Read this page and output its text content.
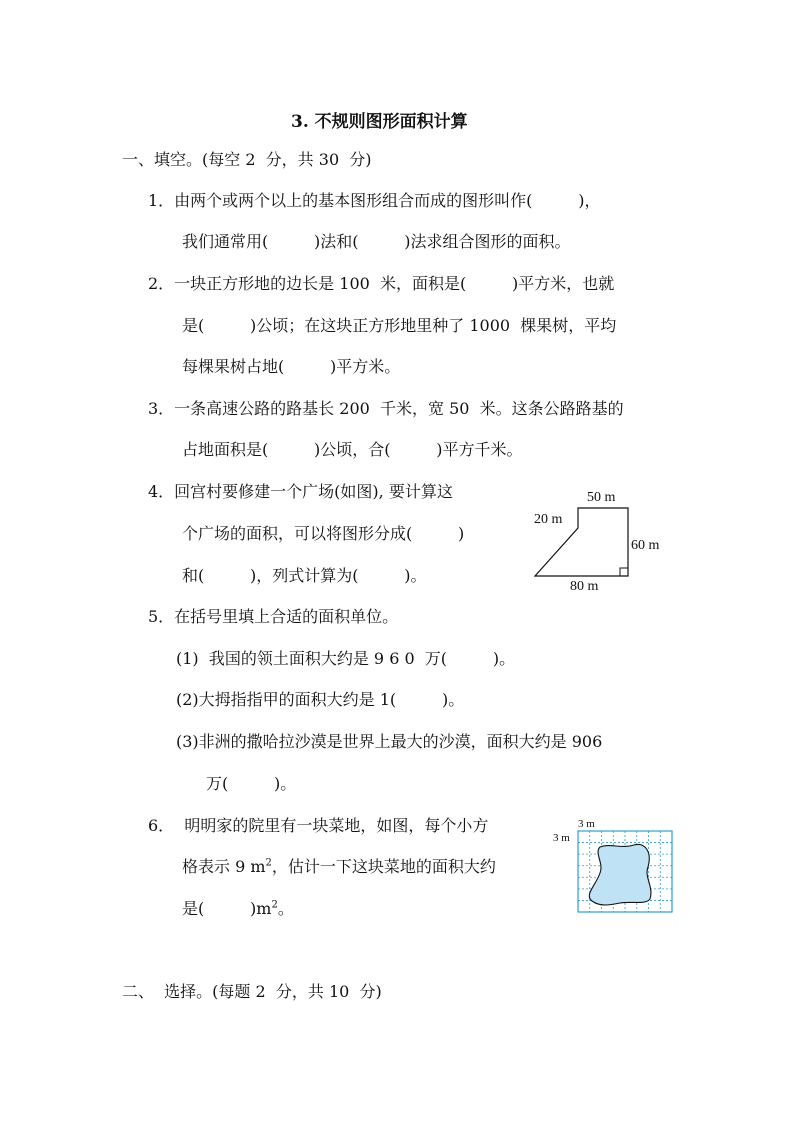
3. 不规则图形面积计算
一、填空。(每空 2  分，共 30  分)
1．由两个或两个以上的基本图形组合而成的图形叫作(         )，
我们通常用(         )法和(         )法求组合图形的面积。
2．一块正方形地的边长是 100  米，面积是(         )平方米，也就
是(         )公顷；在这块正方形地里种了 1000  棵果树，平均
每棵果树占地(         )平方米。
3．一条高速公路的路基长 200  千米，宽 50  米。这条公路路基的
占地面积是(         )公顷，合(         )平方千米。
4．回宫村要修建一个广场(如图), 要计算这
个广场的面积，可以将图形分成(         )
和(         )，列式计算为(         )。
50 m
20 m
60 m
80 m
5．在括号里填上合适的面积单位。
(1)  我国的领土面积大约是 9 6 0  万(         )。
(2)大拇指指甲的面积大约是 1(         )。
(3)非洲的撒哈拉沙漠是世界上最大的沙漠，面积大约是 906
万(         )。
6．  明明家的院里有一块菜地，如图，每个小方
格表示 9 $m^2$，估计一下这块菜地的面积大约
是(         )$m^2$。
3 m
3 m
二、  选择。(每题 2  分，共 10  分)
